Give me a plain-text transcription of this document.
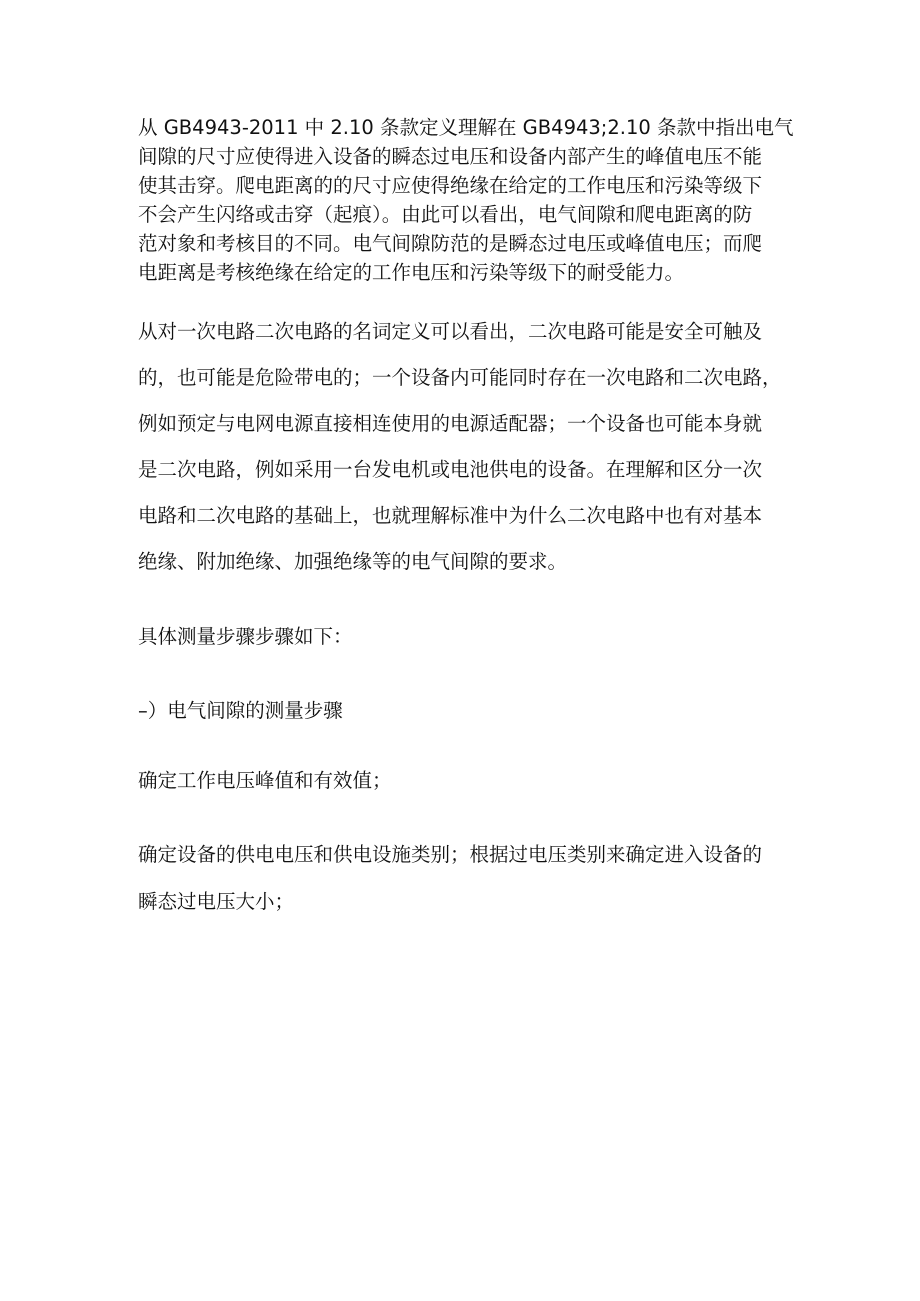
从 GB4943-2011 中 2.10 条款定义理解在 GB4943;2.10 条款中指出电气

间隙的尺寸应使得进入设备的瞬态过电压和设备内部产生的峰值电压不能

使其击穿。爬电距离的的尺寸应使得绝缘在给定的工作电压和污染等级下

不会产生闪络或击穿（起痕）。由此可以看出，电气间隙和爬电距离的防

范对象和考核目的不同。电气间隙防范的是瞬态过电压或峰值电压；而爬

电距离是考核绝缘在给定的工作电压和污染等级下的耐受能力。

从对一次电路二次电路的名词定义可以看出，二次电路可能是安全可触及

的，也可能是危险带电的；一个设备内可能同时存在一次电路和二次电路，

例如预定与电网电源直接相连使用的电源适配器；一个设备也可能本身就

是二次电路，例如采用一台发电机或电池供电的设备。在理解和区分一次

电路和二次电路的基础上，也就理解标准中为什么二次电路中也有对基本

绝缘、附加绝缘、加强绝缘等的电气间隙的要求。

具体测量步骤步骤如下：

–）电气间隙的测量步骤

确定工作电压峰值和有效值；

确定设备的供电电压和供电设施类别；根据过电压类别来确定进入设备的

瞬态过电压大小；
